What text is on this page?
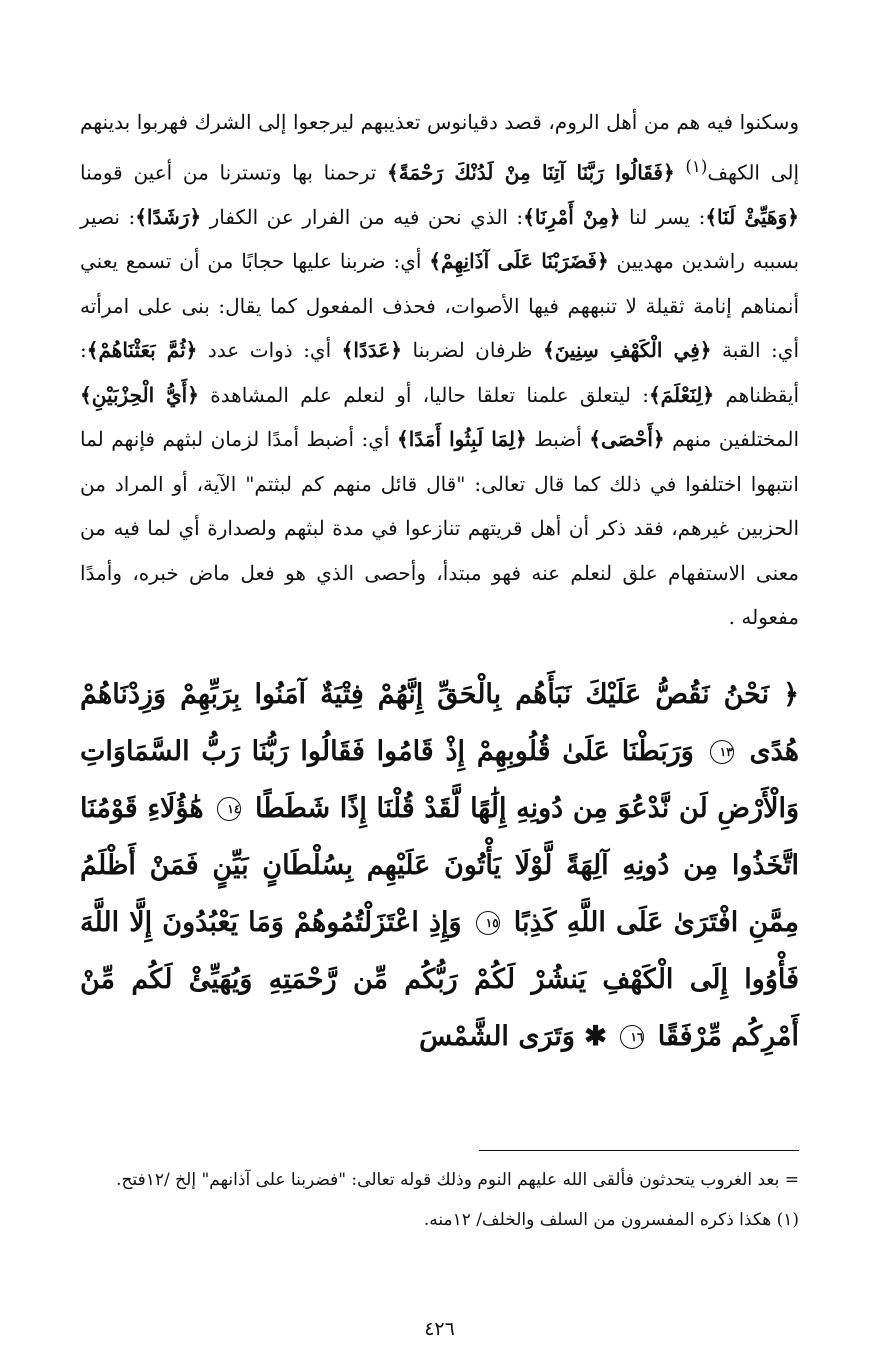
وسكنوا فيه هم من أهل الروم، قصد دقيانوس تعذيبهم ليرجعوا إلى الشرك فهربوا بدينهم إلى الكهف$^{(١)}$ ﴿فَقَالُوا رَبَّنَا آتِنَا مِنْ لَدُنْكَ رَحْمَةً﴾ ترحمنا بها وتسترنا من أعين قومنا ﴿وَهَيِّئْ لَنَا﴾: يسر لنا ﴿مِنْ أَمْرِنَا﴾: الذي نحن فيه من الفرار عن الكفار ﴿رَشَدًا﴾: نصير بسببه راشدين مهديين ﴿فَضَرَبْنَا عَلَى آذَانِهِمْ﴾ أي: ضربنا عليها حجابًا من أن تسمع يعني أنمناهم إنامة ثقيلة لا تنبههم فيها الأصوات، فحذف المفعول كما يقال: بنى على امرأته أي: القبة ﴿فِي الْكَهْفِ سِنِينَ﴾ ظرفان لضربنا ﴿عَدَدًا﴾ أي: ذوات عدد ﴿ثُمَّ بَعَثْنَاهُمْ﴾: أيقظناهم ﴿لِنَعْلَمَ﴾: ليتعلق علمنا تعلقا حاليا، أو لنعلم علم المشاهدة ﴿أَيُّ الْحِزْبَيْنِ﴾ المختلفين منهم ﴿أَحْصَى﴾ أضبط ﴿لِمَا لَبِثُوا أَمَدًا﴾ أي: أضبط أمدًا لزمان لبثهم فإنهم لما انتبهوا اختلفوا في ذلك كما قال تعالى: "قال قائل منهم كم لبثتم" الآية، أو المراد من الحزبين غيرهم، فقد ذكر أن أهل قريتهم تنازعوا في مدة لبثهم ولصدارة أي لما فيه من معنى الاستفهام علق لنعلم عنه فهو مبتدأ، وأحصى الذي هو فعل ماض خبره، وأمدًا مفعوله .

﴿ نَحْنُ نَقُصُّ عَلَيْكَ نَبَأَهُم بِالْحَقِّ إِنَّهُمْ فِتْيَةٌ آمَنُوا بِرَبِّهِمْ وَزِدْنَاهُمْ هُدًى ١٣ وَرَبَطْنَا عَلَىٰ قُلُوبِهِمْ إِذْ قَامُوا فَقَالُوا رَبُّنَا رَبُّ السَّمَاوَاتِ وَالْأَرْضِ لَن نَّدْعُوَ مِن دُونِهِ إِلَٰهًا لَّقَدْ قُلْنَا إِذًا شَطَطًا ١٤ هَٰؤُلَاءِ قَوْمُنَا اتَّخَذُوا مِن دُونِهِ آلِهَةً لَّوْلَا يَأْتُونَ عَلَيْهِم بِسُلْطَانٍ بَيِّنٍ فَمَنْ أَظْلَمُ مِمَّنِ افْتَرَىٰ عَلَى اللَّهِ كَذِبًا ١٥ وَإِذِ اعْتَزَلْتُمُوهُمْ وَمَا يَعْبُدُونَ إِلَّا اللَّهَ فَأْوُوا إِلَى الْكَهْفِ يَنشُرْ لَكُمْ رَبُّكُم مِّن رَّحْمَتِهِ وَيُهَيِّئْ لَكُم مِّنْ أَمْرِكُم مِّرْفَقًا ١٦ ✱ وَتَرَى الشَّمْسَ

= بعد الغروب يتحدثون فألقى الله عليهم النوم وذلك قوله تعالى: "فضربنا على آذانهم" إلخ /١٢فتح.

(١) هكذا ذكره المفسرون من السلف والخلف/ ١٢منه.

٤٢٦
